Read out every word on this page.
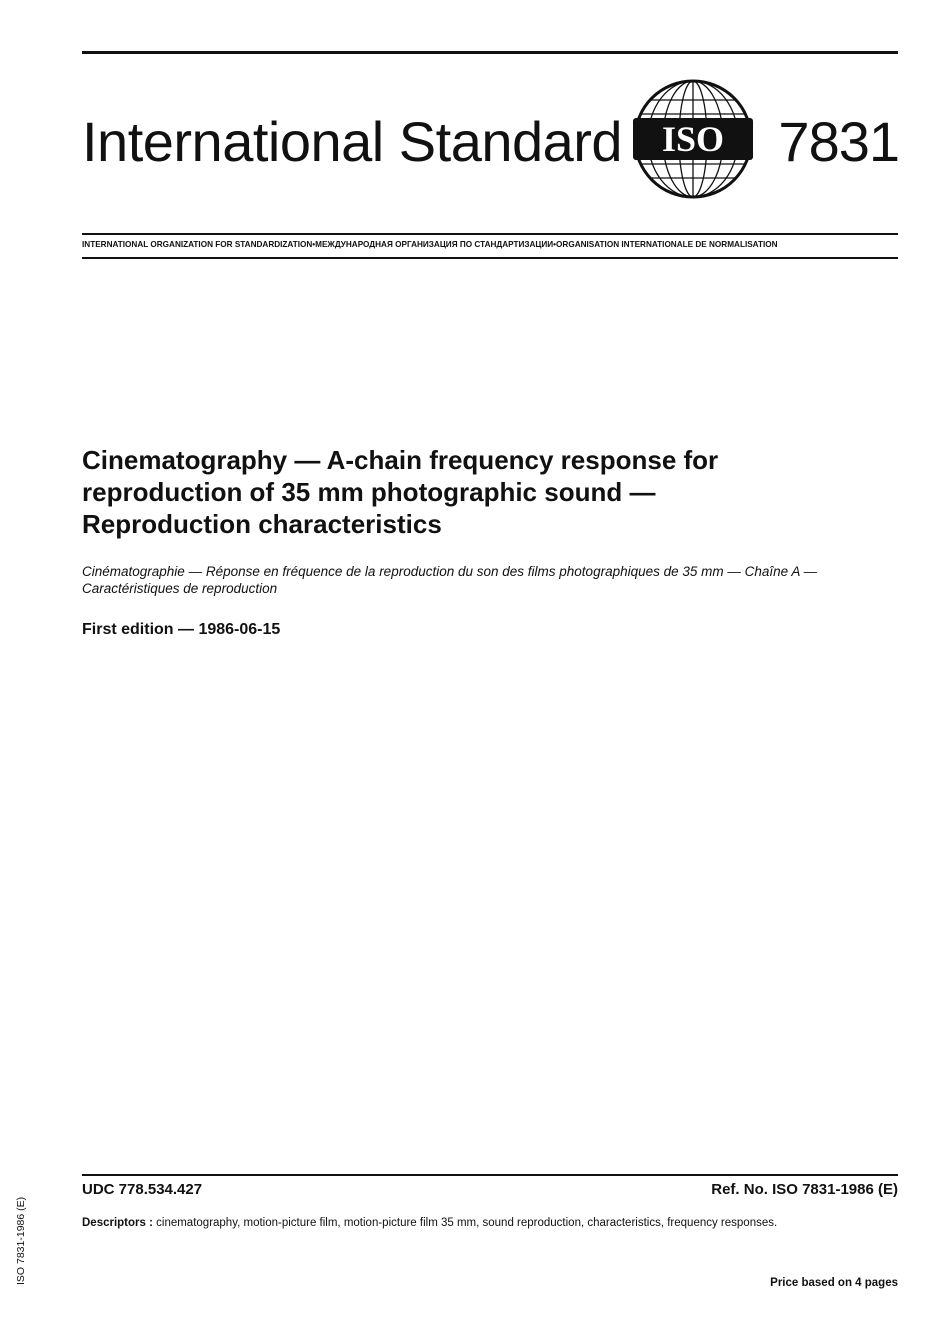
International Standard ISO 7831
INTERNATIONAL ORGANIZATION FOR STANDARDIZATION•МЕЖДУНАРОДНАЯ ОРГАНИЗАЦИЯ ПО СТАНДАРТИЗАЦИИ•ORGANISATION INTERNATIONALE DE NORMALISATION
Cinematography — A-chain frequency response for
reproduction of 35 mm photographic sound —
Reproduction characteristics
Cinématographie — Réponse en fréquence de la reproduction du son des films photographiques de 35 mm — Chaîne A —
Caractéristiques de reproduction
First edition — 1986-06-15
UDC 778.534.427	Ref. No. ISO 7831-1986 (E)
Descriptors : cinematography, motion-picture film, motion-picture film 35 mm, sound reproduction, characteristics, frequency responses.
Price based on 4 pages
ISO 7831-1986 (E)
